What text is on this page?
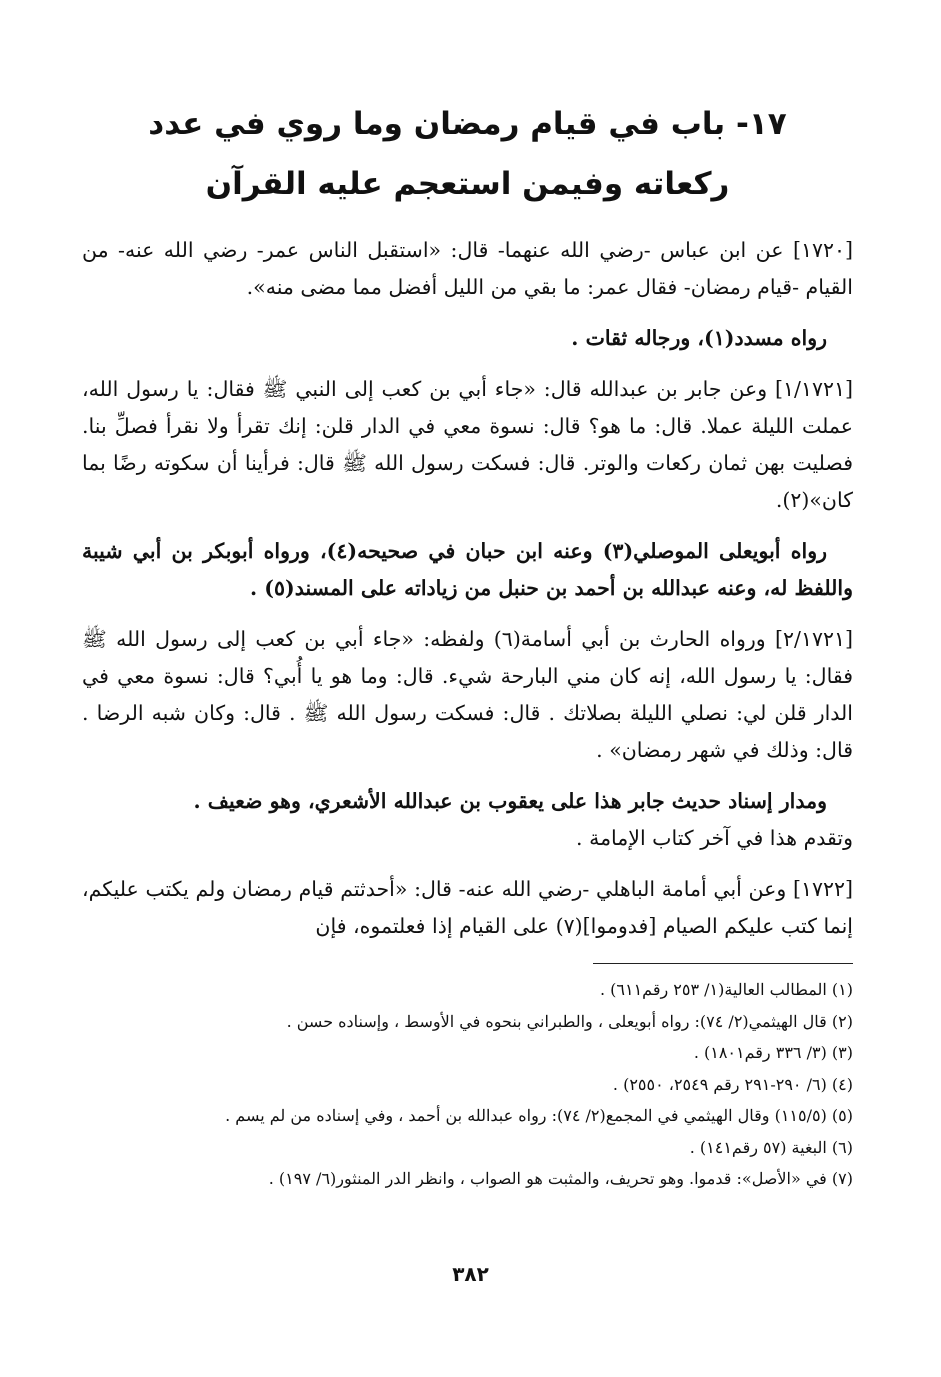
١٧- باب في قيام رمضان وما روي في عدد
ركعاته وفيمن استعجم عليه القرآن

[١٧٢٠] عن ابن عباس -رضي الله عنهما- قال: «استقبل الناس عمر- رضي الله عنه- من القيام -قيام رمضان- فقال عمر: ما بقي من الليل أفضل مما مضى منه».

رواه مسدد(١)، ورجاله ثقات .

[١/١٧٢١] وعن جابر بن عبدالله قال: «جاء أبي بن كعب إلى النبي ﷺ فقال: يا رسول الله، عملت الليلة عملا. قال: ما هو؟ قال: نسوة معي في الدار قلن: إنك تقرأ ولا نقرأ فصلِّ بنا. فصليت بهن ثمان ركعات والوتر. قال: فسكت رسول الله ﷺ قال: فرأينا أن سكوته رضًا بما كان»(٢).

رواه أبويعلى الموصلي(٣) وعنه ابن حبان في صحيحه(٤)، ورواه أبوبكر بن أبي شيبة واللفظ له، وعنه عبدالله بن أحمد بن حنبل من زياداته على المسند(٥) .

[٢/١٧٢١] ورواه الحارث بن أبي أسامة(٦) ولفظه: «جاء أبي بن كعب إلى رسول الله ﷺ فقال: يا رسول الله، إنه كان مني البارحة شيء. قال: وما هو يا أُبي؟ قال: نسوة معي في الدار قلن لي: نصلي الليلة بصلاتك . قال: فسكت رسول الله ﷺ . قال: وكان شبه الرضا . قال: وذلك في شهر رمضان» .

ومدار إسناد حديث جابر هذا على يعقوب بن عبدالله الأشعري، وهو ضعيف .

وتقدم هذا في آخر كتاب الإمامة .

[١٧٢٢] وعن أبي أمامة الباهلي -رضي الله عنه- قال: «أحدثتم قيام رمضان ولم يكتب عليكم، إنما كتب عليكم الصيام [فدوموا](٧) على القيام إذا فعلتموه، فإن

(١) المطالب العالية(١/ ٢٥٣ رقم٦١١) .
(٢) قال الهيثمي(٢/ ٧٤): رواه أبويعلى ، والطبراني بنحوه في الأوسط ، وإسناده حسن .
(٣) (٣/ ٣٣٦ رقم١٨٠١) .
(٤) (٦/ ٢٩٠-٢٩١ رقم ٢٥٤٩، ٢٥٥٠) .
(٥) (١١٥/٥) وقال الهيثمي في المجمع(٢/ ٧٤): رواه عبدالله بن أحمد ، وفي إسناده من لم يسم .
(٦) البغية (٥٧ رقم١٤١) .
(٧) في «الأصل»: قدموا. وهو تحريف، والمثبت هو الصواب ، وانظر الدر المنثور(٦/ ١٩٧) .
٣٨٢
